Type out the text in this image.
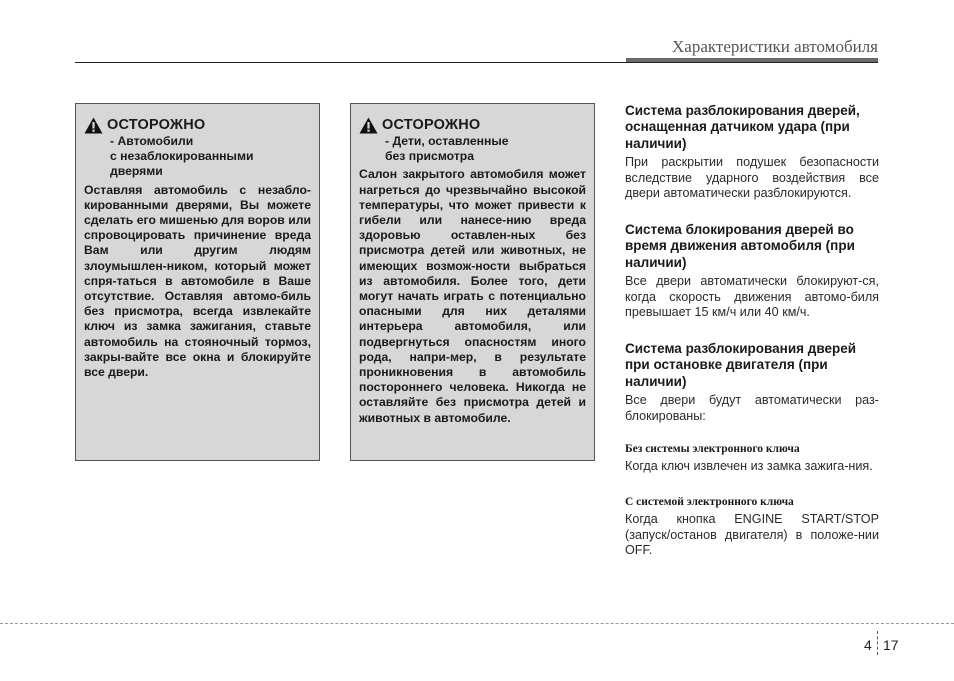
Характеристики автомобиля
ОСТОРОЖНО
- Автомобили
с незаблокированными
дверями
Оставляя автомобиль с незабло-кированными дверями, Вы можете сделать его мишенью для воров или спровоцировать причинение вреда Вам или другим людям злоумышлен-ником, который может спря-таться в автомобиле в Ваше отсутствие. Оставляя автомо-биль без присмотра, всегда извлекайте ключ из замка зажигания, ставьте автомобиль на стояночный тормоз, закры-вайте все окна и блокируйте все двери.
ОСТОРОЖНО
- Дети, оставленные
без присмотра
Салон закрытого автомобиля может нагреться до чрезвычайно высокой температуры, что может привести к гибели или нанесе-нию вреда здоровью оставлен-ных без присмотра детей или животных, не имеющих возмож-ности выбраться из автомобиля. Более того, дети могут начать играть с потенциально опасными для них деталями интерьера автомобиля, или подвергнуться опасностям иного рода, напри-мер, в результате проникновения в автомобиль постороннего человека. Никогда не оставляйте без присмотра детей и животных в автомобиле.
Система разблокирования дверей, оснащенная датчиком удара (при наличии)
При раскрытии подушек безопасности вследствие ударного воздействия все двери автоматически разблокируются.
Система блокирования дверей во время движения автомобиля (при наличии)
Все двери автоматически блокируют-ся, когда скорость движения автомо-биля превышает 15 км/ч или 40 км/ч.
Система разблокирования дверей при остановке двигателя (при наличии)
Все двери будут автоматически раз-блокированы:
Без системы электронного ключа
Когда ключ извлечен из замка зажига-ния.
С системой электронного ключа
Когда кнопка ENGINE START/STOP (запуск/останов двигателя) в положе-нии OFF.
4 17
